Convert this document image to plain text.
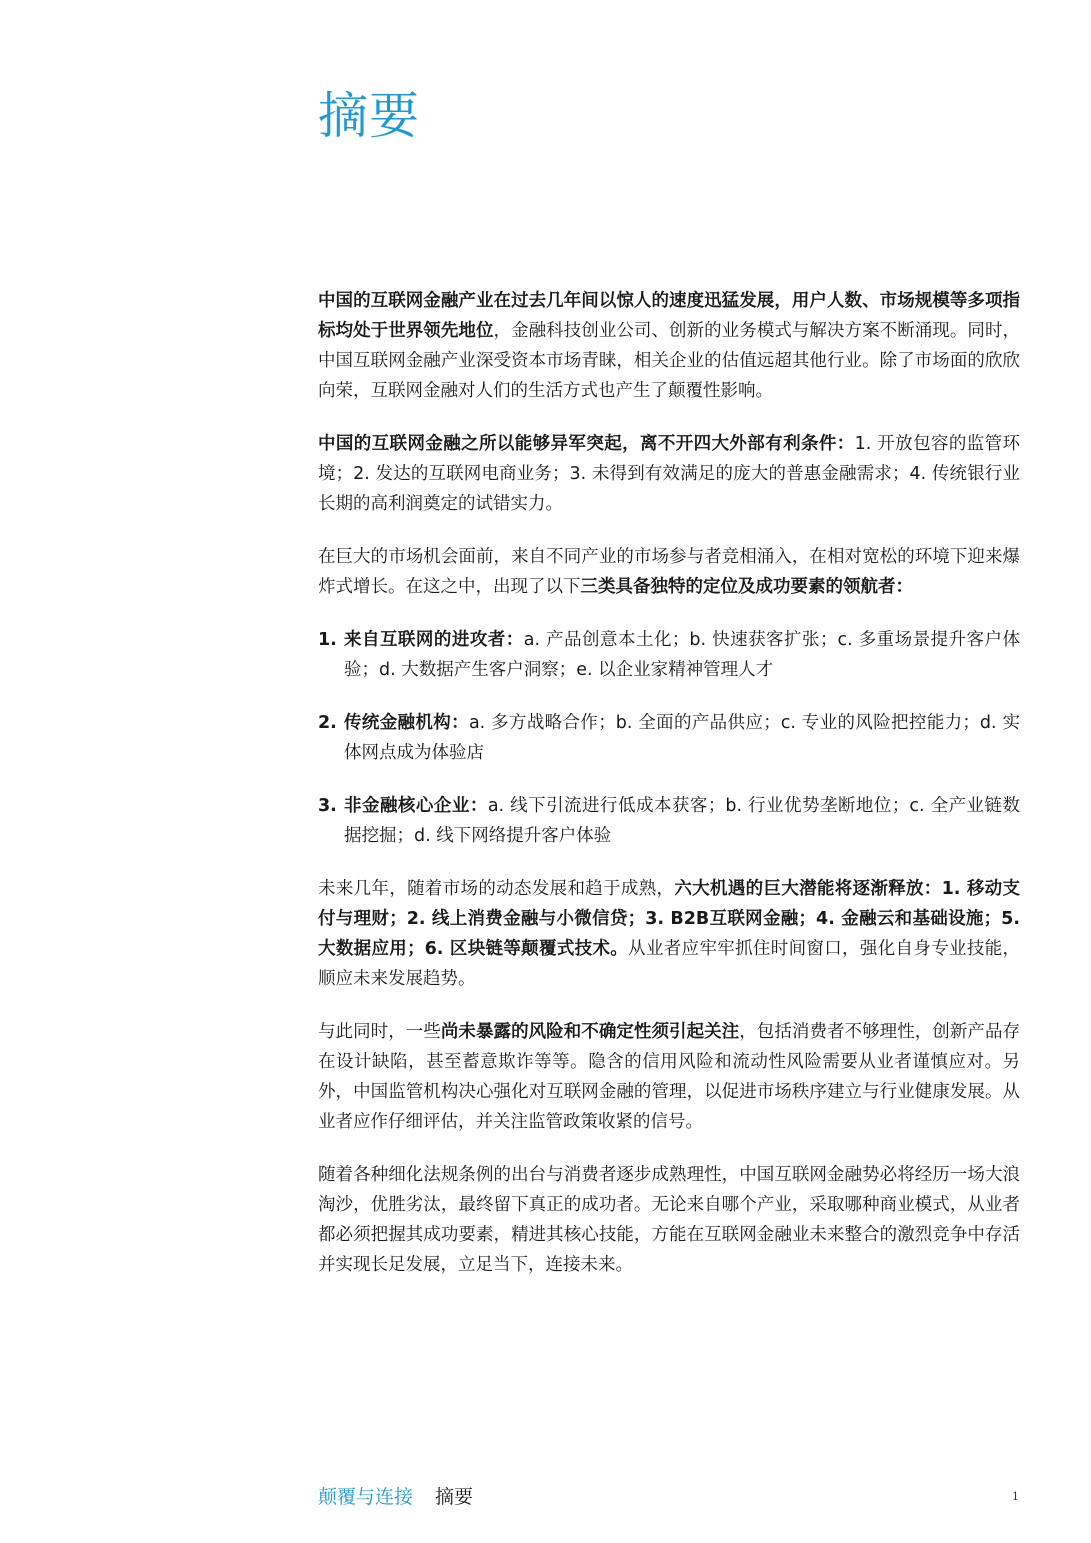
摘要

中国的互联网金融产业在过去几年间以惊人的速度迅猛发展，用户人数、市场规模等多项指标均处于世界领先地位，金融科技创业公司、创新的业务模式与解决方案不断涌现。同时，中国互联网金融产业深受资本市场青睐，相关企业的估值远超其他行业。除了市场面的欣欣向荣，互联网金融对人们的生活方式也产生了颠覆性影响。

中国的互联网金融之所以能够异军突起，离不开四大外部有利条件：1. 开放包容的监管环境；2. 发达的互联网电商业务；3. 未得到有效满足的庞大的普惠金融需求；4. 传统银行业长期的高利润奠定的试错实力。

在巨大的市场机会面前，来自不同产业的市场参与者竞相涌入，在相对宽松的环境下迎来爆炸式增长。在这之中，出现了以下三类具备独特的定位及成功要素的领航者：

1. 来自互联网的进攻者：a. 产品创意本土化；b. 快速获客扩张；c. 多重场景提升客户体验；d. 大数据产生客户洞察；e. 以企业家精神管理人才
2. 传统金融机构：a. 多方战略合作；b. 全面的产品供应；c. 专业的风险把控能力；d. 实体网点成为体验店
3. 非金融核心企业：a. 线下引流进行低成本获客；b. 行业优势垄断地位；c. 全产业链数据挖掘；d. 线下网络提升客户体验

未来几年，随着市场的动态发展和趋于成熟，六大机遇的巨大潜能将逐渐释放：1. 移动支付与理财；2. 线上消费金融与小微信贷；3. B2B互联网金融；4. 金融云和基础设施；5. 大数据应用；6. 区块链等颠覆式技术。从业者应牢牢抓住时间窗口，强化自身专业技能，顺应未来发展趋势。

与此同时，一些尚未暴露的风险和不确定性须引起关注，包括消费者不够理性，创新产品存在设计缺陷，甚至蓄意欺诈等等。隐含的信用风险和流动性风险需要从业者谨慎应对。另外，中国监管机构决心强化对互联网金融的管理，以促进市场秩序建立与行业健康发展。从业者应作仔细评估，并关注监管政策收紧的信号。

随着各种细化法规条例的出台与消费者逐步成熟理性，中国互联网金融势必将经历一场大浪淘沙，优胜劣汰，最终留下真正的成功者。无论来自哪个产业，采取哪种商业模式，从业者都必须把握其成功要素，精进其核心技能，方能在互联网金融业未来整合的激烈竞争中存活并实现长足发展，立足当下，连接未来。

颠覆与连接 摘要	1
